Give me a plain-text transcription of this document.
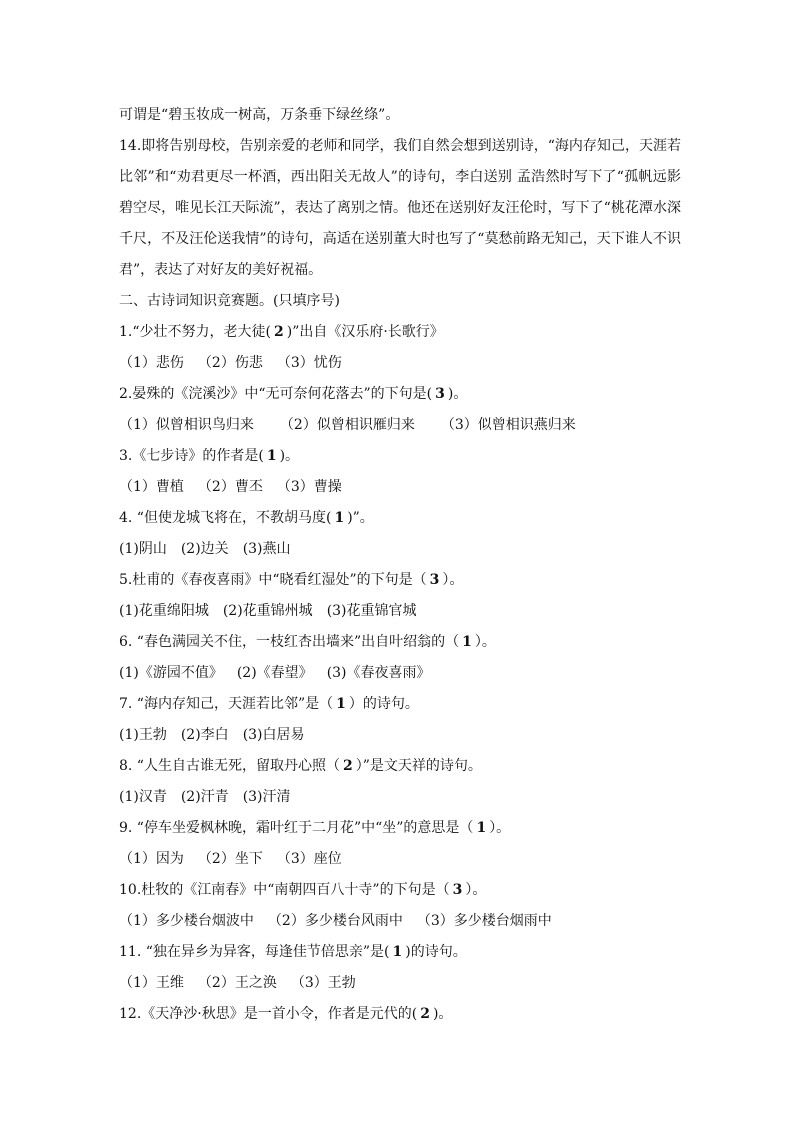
可谓是“碧玉妆成一树高，万条垂下绿丝绦”。

14.即将告别母校，告别亲爱的老师和同学，我们自然会想到送别诗，“海内存知己，天涯若比邻”和“劝君更尽一杯酒，西出阳关无故人”的诗句，李白送别 孟浩然时写下了“孤帆远影碧空尽，唯见长江天际流”，表达了离别之情。他还在送别好友汪伦时，写下了“桃花潭水深千尺，不及汪伦送我情”的诗句，高适在送别董大时也写了“莫愁前路无知己，天下谁人不识君”，表达了对好友的美好祝福。

二、古诗词知识竞赛题。(只填序号)

1.“少壮不努力，老大徒( 2 )”出自《汉乐府·长歌行》

（1）悲伤 （2）伤悲 （3）忧伤

2.晏殊的《浣溪沙》中“无可奈何花落去”的下句是( 3 )。

（1）似曾相识鸟归来 （2）似曾相识雁归来 （3）似曾相识燕归来

3.《七步诗》的作者是( 1 )。

（1）曹植 （2）曹丕 （3）曹操

4. “但使龙城飞将在，不教胡马度( 1 )”。

(1)阴山 (2)边关 (3)燕山

5.杜甫的《春夜喜雨》中“晓看红湿处”的下句是（ 3 ）。

(1)花重绵阳城 (2)花重锦州城 (3)花重锦官城

6. “春色满园关不住，一枝红杏出墙来”出自叶绍翁的（ 1 ）。

(1)《游园不值》 (2)《春望》 (3)《春夜喜雨》

7. “海内存知己，天涯若比邻”是（ 1 ）的诗句。

(1)王勃 (2)李白 (3)白居易

8. “人生自古谁无死，留取丹心照（ 2 ）”是文天祥的诗句。

(1)汉青 (2)汗青 (3)汗清

9. “停车坐爱枫林晚，霜叶红于二月花”中“坐”的意思是（ 1 ）。

（1）因为 （2）坐下 （3）座位

10.杜牧的《江南春》中“南朝四百八十寺”的下句是（ 3 ）。

（1）多少楼台烟波中 （2）多少楼台风雨中 （3）多少楼台烟雨中

11. “独在异乡为异客，每逢佳节倍思亲”是( 1 )的诗句。

（1）王维 （2）王之涣 （3）王勃

12.《天净沙·秋思》是一首小令，作者是元代的( 2 )。
